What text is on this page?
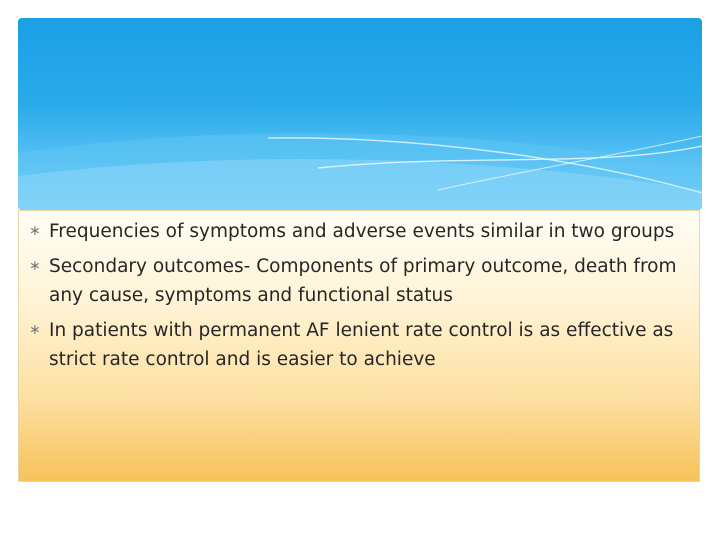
∗ Frequencies of symptoms and adverse events similar in two groups
∗ Secondary outcomes- Components of primary outcome, death from any cause, symptoms and functional status
∗ In patients with permanent AF lenient rate control is as effective as strict rate control and is easier to achieve
